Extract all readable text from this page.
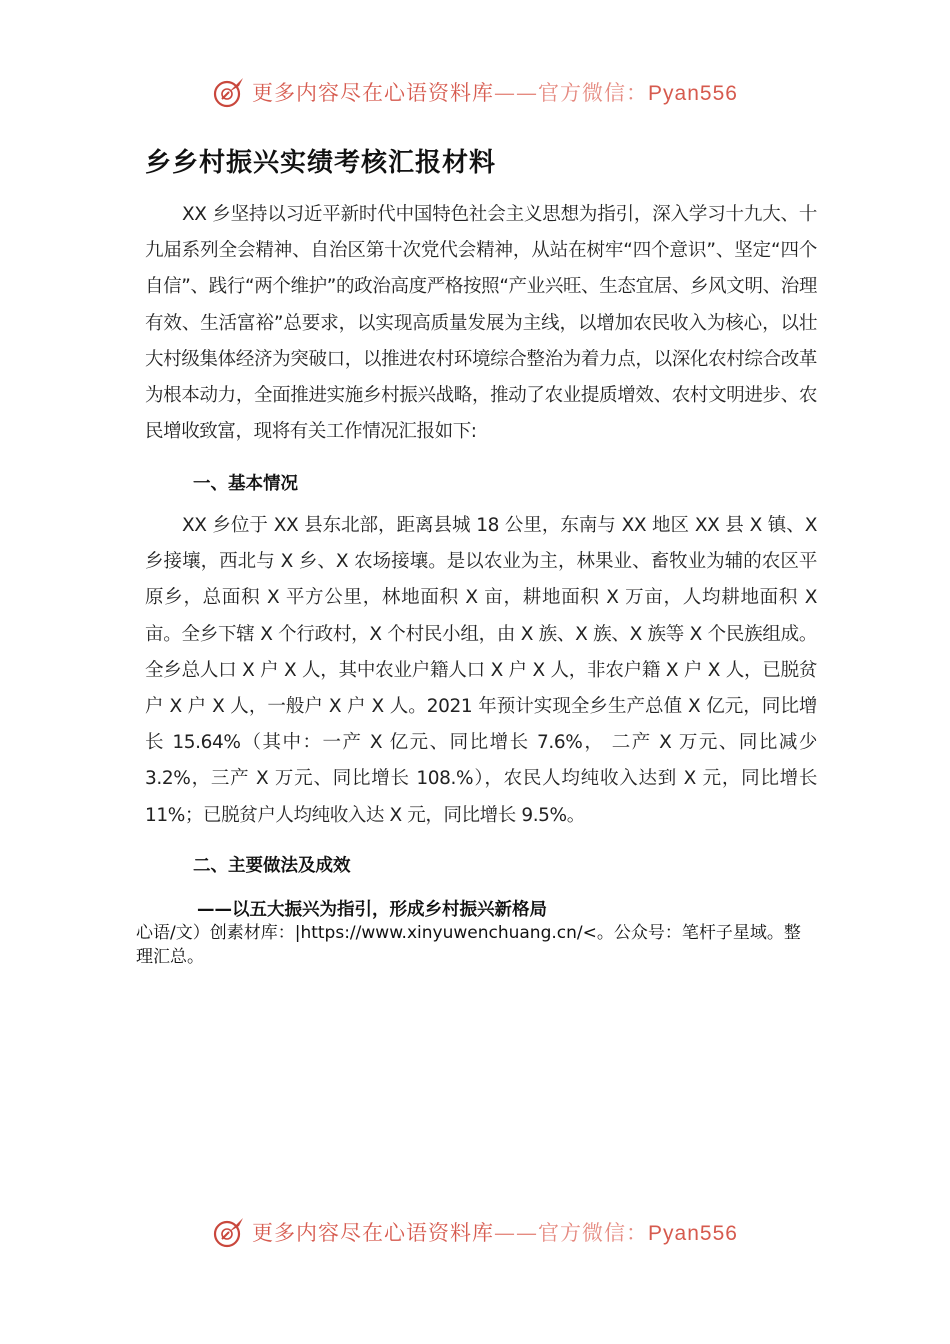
更多内容尽在心语资料库——官方微信：Pyan556
乡乡村振兴实绩考核汇报材料

XX 乡坚持以习近平新时代中国特色社会主义思想为指引，深入学习十九大、十九届系列全会精神、自治区第十次党代会精神，从站在树牢“四个意识”、坚定“四个自信”、践行“两个维护”的政治高度严格按照“产业兴旺、生态宜居、乡风文明、治理有效、生活富裕”总要求，以实现高质量发展为主线，以增加农民收入为核心，以壮大村级集体经济为突破口，以推进农村环境综合整治为着力点，以深化农村综合改革为根本动力，全面推进实施乡村振兴战略，推动了农业提质增效、农村文明进步、农民增收致富，现将有关工作情况汇报如下:

一、基本情况

XX 乡位于 XX 县东北部，距离县城 18 公里，东南与 XX 地区 XX 县 X 镇、X 乡接壤，西北与 X 乡、X 农场接壤。是以农业为主，林果业、畜牧业为辅的农区平原乡，总面积 X 平方公里，林地面积 X 亩，耕地面积 X 万亩，人均耕地面积 X 亩。全乡下辖 X 个行政村，X 个村民小组，由 X 族、X 族、X 族等 X 个民族组成。全乡总人口 X 户 X 人，其中农业户籍人口 X 户 X 人，非农户籍 X 户 X 人，已脱贫户 X 户 X 人，一般户 X 户 X 人。2021 年预计实现全乡生产总值 X 亿元，同比增长 15.64%（其中：一产 X 亿元、同比增长 7.6%， 二产 X 万元、同比减少 3.2%，三产 X 万元、同比增长 108.%），农民人均纯收入达到 X 元，同比增长 11%；已脱贫户人均纯收入达 X 元，同比增长 9.5%。

二、主要做法及成效
——以五大振兴为指引，形成乡村振兴新格局
心语/文）创素材库：|https://www.xinyuwenchuang.cn/<。公众号：笔杆子星域。整理汇总。
更多内容尽在心语资料库——官方微信：Pyan556
